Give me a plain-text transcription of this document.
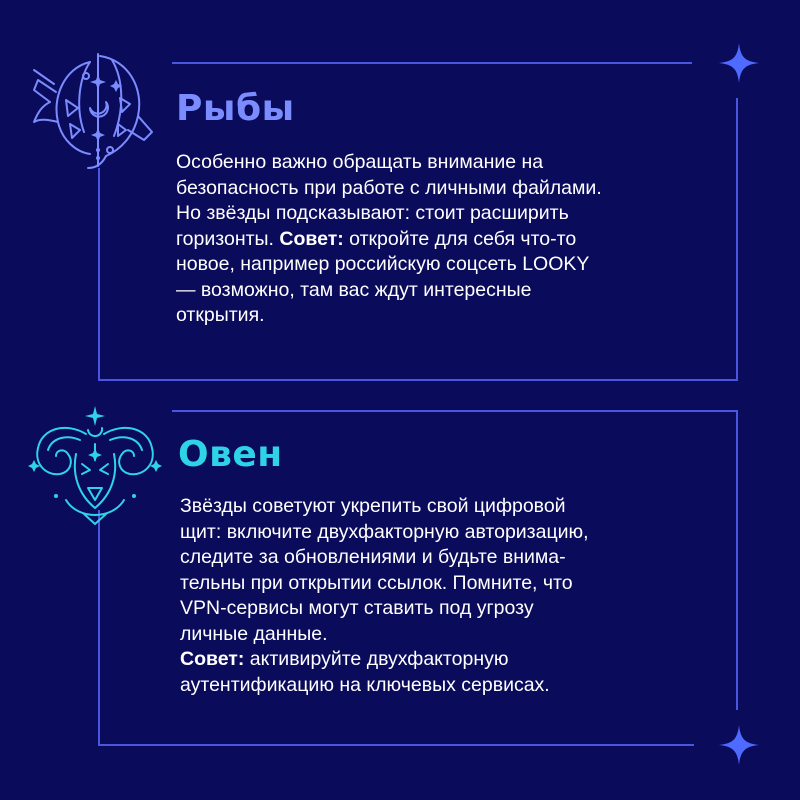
Рыбы
Особенно важно обращать внимание на
безопасность при работе с личными файлами.
Но звёзды подсказывают: стоит расширить
горизонты. Совет: откройте для себя что-то
новое, например российскую соцсеть LOOKY
— возможно, там вас ждут интересные
открытия.
Овен
Звёзды советуют укрепить свой цифровой
щит: включите двухфакторную авторизацию,
следите за обновлениями и будьте внима-
тельны при открытии ссылок. Помните, что
VPN-сервисы могут ставить под угрозу
личные данные.
Совет: активируйте двухфакторную
аутентификацию на ключевых сервисах.
